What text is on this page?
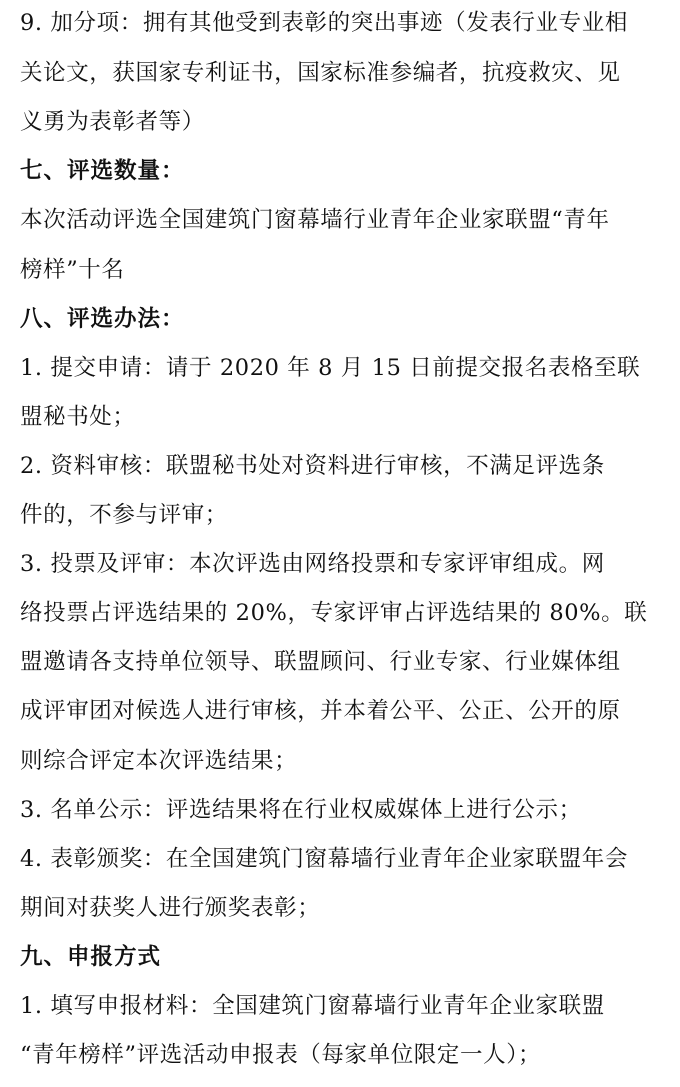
9. 加分项：拥有其他受到表彰的突出事迹（发表行业专业相
关论文，获国家专利证书，国家标准参编者，抗疫救灾、见
义勇为表彰者等）
七、评选数量：
本次活动评选全国建筑门窗幕墙行业青年企业家联盟“青年
榜样”十名
八、评选办法：
1. 提交申请：请于 2020 年 8 月 15 日前提交报名表格至联
盟秘书处；
2. 资料审核：联盟秘书处对资料进行审核，不满足评选条
件的，不参与评审；
3. 投票及评审：本次评选由网络投票和专家评审组成。网
络投票占评选结果的 20%，专家评审占评选结果的 80%。联
盟邀请各支持单位领导、联盟顾问、行业专家、行业媒体组
成评审团对候选人进行审核，并本着公平、公正、公开的原
则综合评定本次评选结果；
3. 名单公示：评选结果将在行业权威媒体上进行公示；
4. 表彰颁奖：在全国建筑门窗幕墙行业青年企业家联盟年会
期间对获奖人进行颁奖表彰；
九、申报方式
1. 填写申报材料：全国建筑门窗幕墙行业青年企业家联盟
“青年榜样”评选活动申报表（每家单位限定一人）；
